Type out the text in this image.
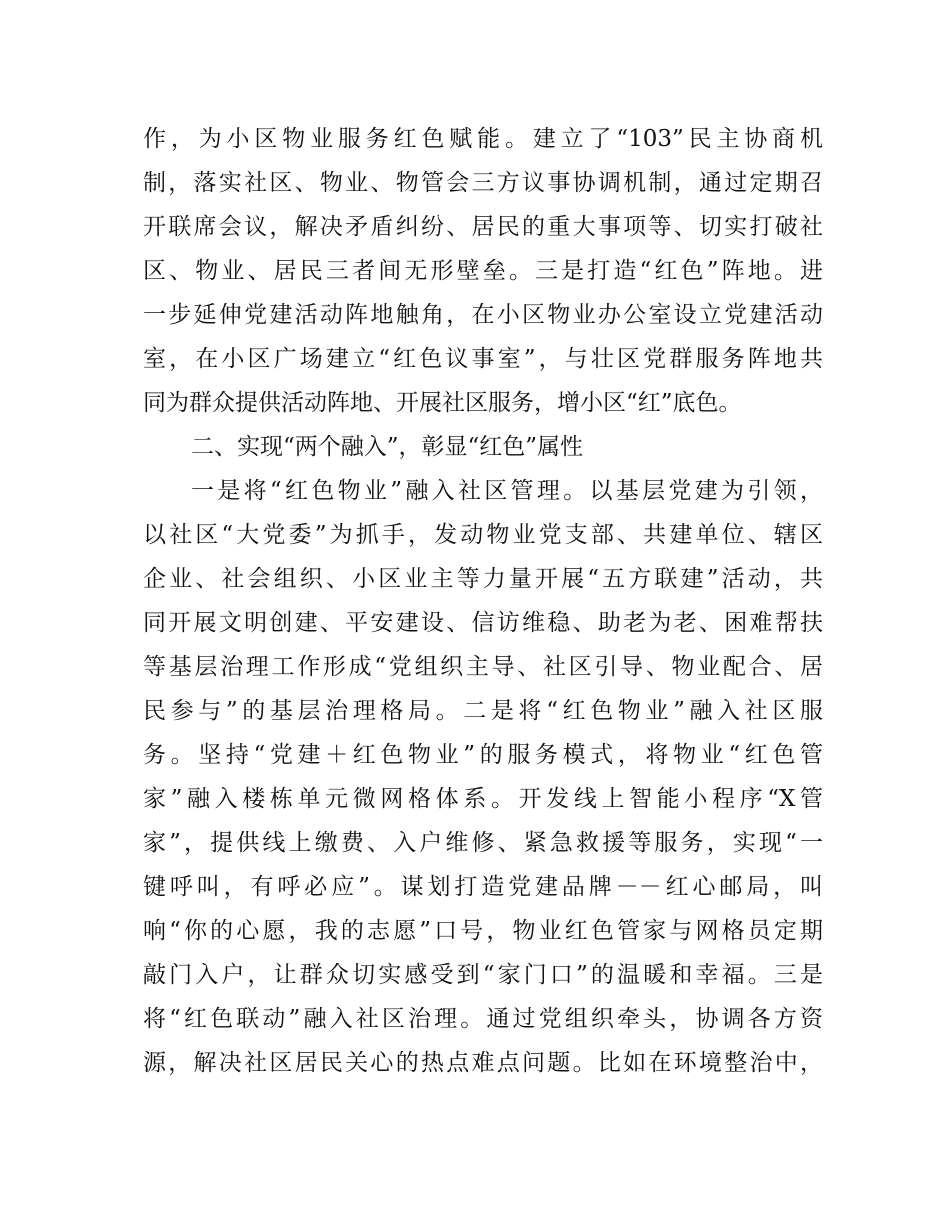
作，为小区物业服务红色赋能。建立了“103”民主协商机
制，落实社区、物业、物管会三方议事协调机制，通过定期召
开联席会议，解决矛盾纠纷、居民的重大事项等、切实打破社
区、物业、居民三者间无形壁垒。三是打造“红色”阵地。进
一步延伸党建活动阵地触角，在小区物业办公室设立党建活动
室，在小区广场建立“红色议事室”，与壮区党群服务阵地共
同为群众提供活动阵地、开展社区服务，增小区“红”底色。
二、实现“两个融入”，彰显“红色”属性
一是将“红色物业”融入社区管理。以基层党建为引领，
以社区“大党委”为抓手，发动物业党支部、共建单位、辖区
企业、社会组织、小区业主等力量开展“五方联建”活动，共
同开展文明创建、平安建设、信访维稳、助老为老、困难帮扶
等基层治理工作形成“党组织主导、社区引导、物业配合、居
民参与”的基层治理格局。二是将“红色物业”融入社区服
务。坚持“党建＋红色物业”的服务模式，将物业“红色管
家”融入楼栋单元微网格体系。开发线上智能小程序“X管
家”，提供线上缴费、入户维修、紧急救援等服务，实现“一
键呼叫，有呼必应”。谋划打造党建品牌－－红心邮局，叫
响“你的心愿，我的志愿”口号，物业红色管家与网格员定期
敲门入户，让群众切实感受到“家门口”的温暖和幸福。三是
将“红色联动”融入社区治理。通过党组织牵头，协调各方资
源，解决社区居民关心的热点难点问题。比如在环境整治中，
